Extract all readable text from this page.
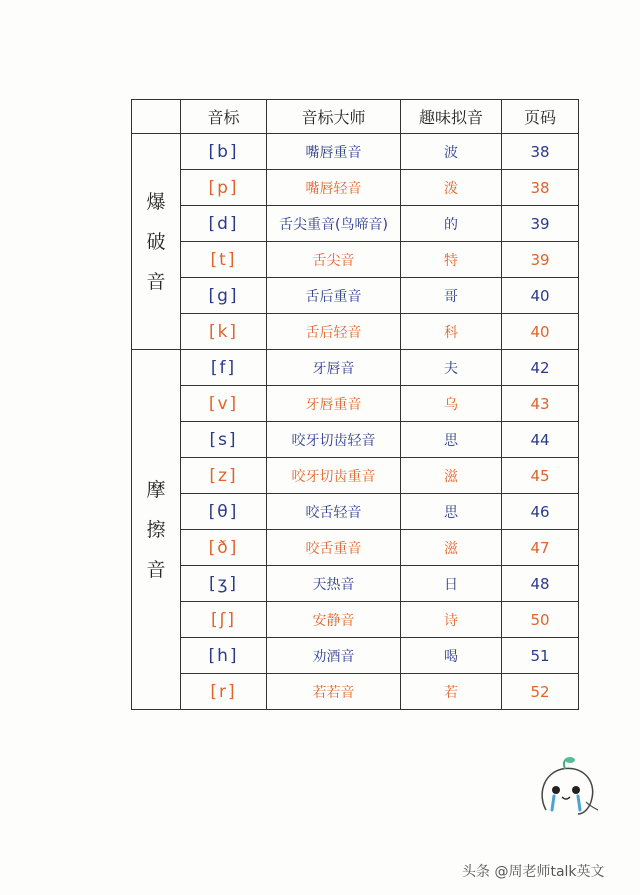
	音标	音标大师	趣味拟音	页码
爆破音	[b]	嘴唇重音	波	38
	[p]	嘴唇轻音	泼	38
	[d]	舌尖重音(鸟啼音)	的	39
	[t]	舌尖音	特	39
	[g]	舌后重音	哥	40
	[k]	舌后轻音	科	40
摩擦音	[f]	牙唇音	夫	42
	[v]	牙唇重音	乌	43
	[s]	咬牙切齿轻音	思	44
	[z]	咬牙切齿重音	滋	45
	[θ]	咬舌轻音	思	46
	[ð]	咬舌重音	滋	47
	[ʒ]	天热音	日	48
	[ʃ]	安静音	诗	50
	[h]	劝酒音	喝	51
	[r]	若若音	若	52
头条 @周老师talk英文
